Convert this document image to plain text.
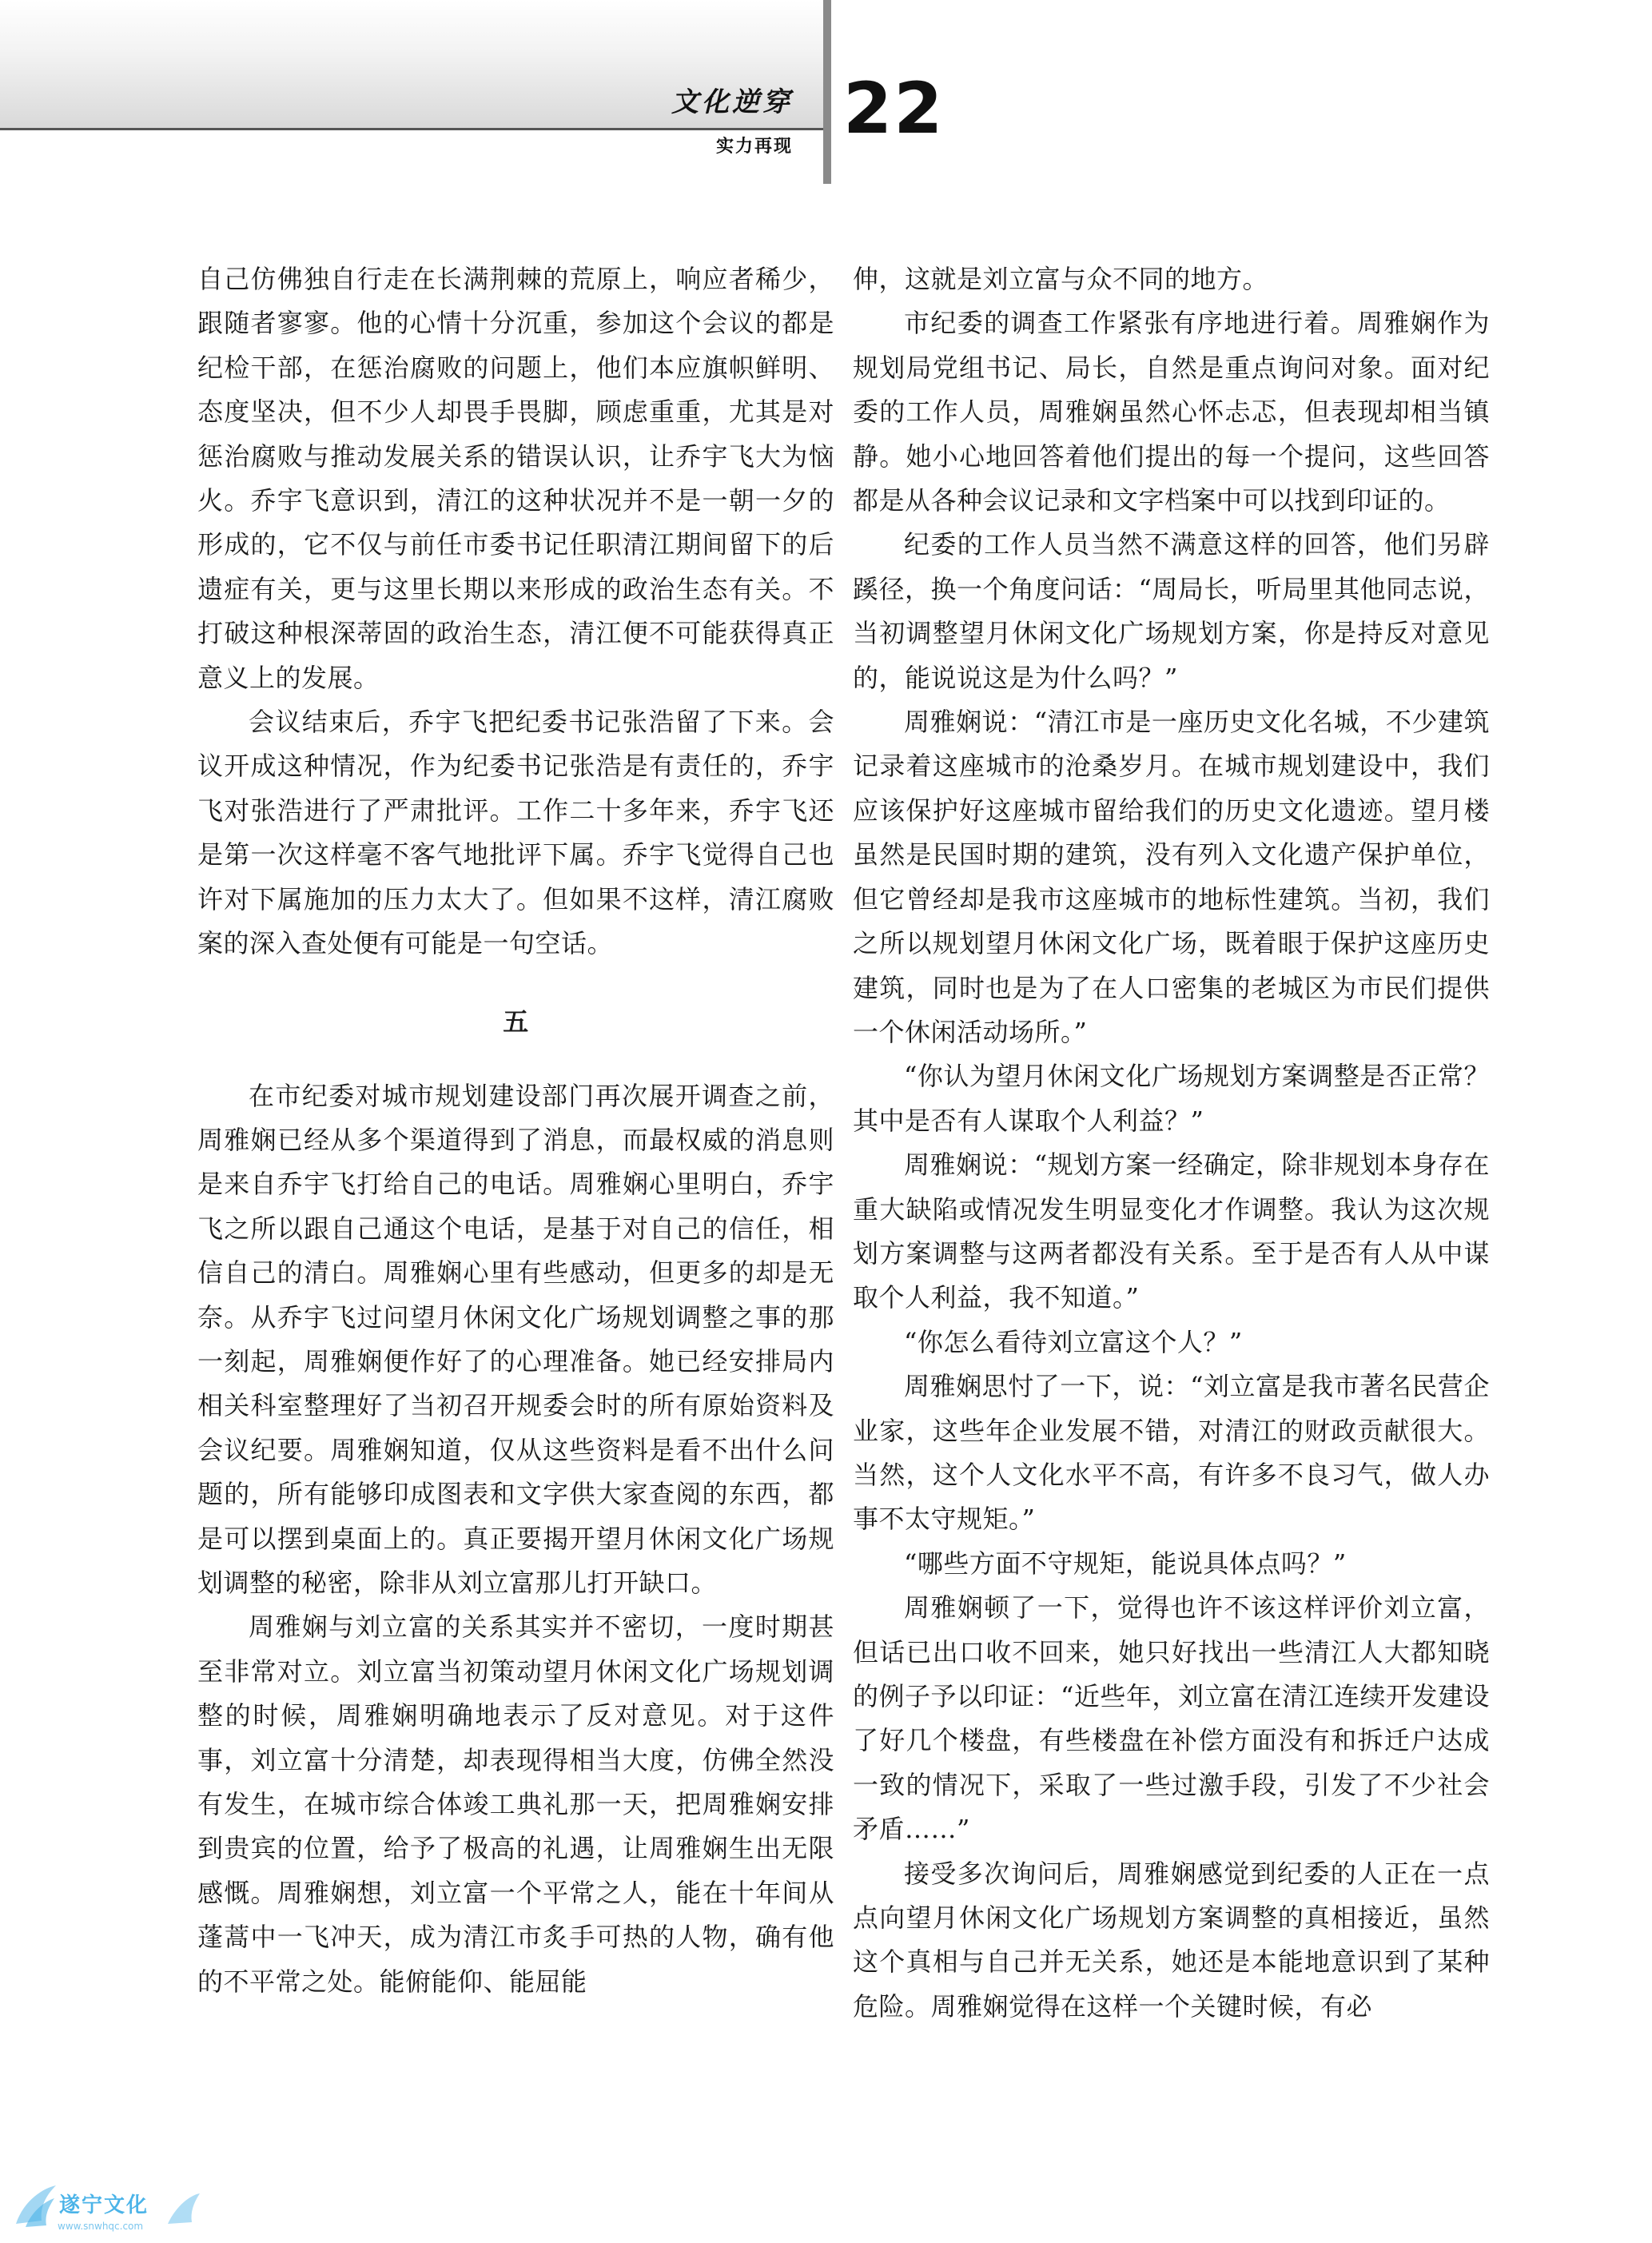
文化逆穿
实力再现 22

自己仿佛独自行走在长满荆棘的荒原上，响应者稀少，跟随者寥寥。他的心情十分沉重，参加这个会议的都是纪检干部，在惩治腐败的问题上，他们本应旗帜鲜明、态度坚决，但不少人却畏手畏脚，顾虑重重，尤其是对惩治腐败与推动发展关系的错误认识，让乔宇飞大为恼火。乔宇飞意识到，清江的这种状况并不是一朝一夕的形成的，它不仅与前任市委书记任职清江期间留下的后遗症有关，更与这里长期以来形成的政治生态有关。不打破这种根深蒂固的政治生态，清江便不可能获得真正意义上的发展。

会议结束后，乔宇飞把纪委书记张浩留了下来。会议开成这种情况，作为纪委书记张浩是有责任的，乔宇飞对张浩进行了严肃批评。工作二十多年来，乔宇飞还是第一次这样毫不客气地批评下属。乔宇飞觉得自己也许对下属施加的压力太大了。但如果不这样，清江腐败案的深入查处便有可能是一句空话。

五

在市纪委对城市规划建设部门再次展开调查之前，周雅娴已经从多个渠道得到了消息，而最权威的消息则是来自乔宇飞打给自己的电话。周雅娴心里明白，乔宇飞之所以跟自己通这个电话，是基于对自己的信任，相信自己的清白。周雅娴心里有些感动，但更多的却是无奈。从乔宇飞过问望月休闲文化广场规划调整之事的那一刻起，周雅娴便作好了的心理准备。她已经安排局内相关科室整理好了当初召开规委会时的所有原始资料及会议纪要。周雅娴知道，仅从这些资料是看不出什么问题的，所有能够印成图表和文字供大家查阅的东西，都是可以摆到桌面上的。真正要揭开望月休闲文化广场规划调整的秘密，除非从刘立富那儿打开缺口。

周雅娴与刘立富的关系其实并不密切，一度时期甚至非常对立。刘立富当初策动望月休闲文化广场规划调整的时候，周雅娴明确地表示了反对意见。对于这件事，刘立富十分清楚，却表现得相当大度，仿佛全然没有发生，在城市综合体竣工典礼那一天，把周雅娴安排到贵宾的位置，给予了极高的礼遇，让周雅娴生出无限感慨。周雅娴想，刘立富一个平常之人，能在十年间从蓬蒿中一飞冲天，成为清江市炙手可热的人物，确有他的不平常之处。能俯能仰、能屈能

伸，这就是刘立富与众不同的地方。

市纪委的调查工作紧张有序地进行着。周雅娴作为规划局党组书记、局长，自然是重点询问对象。面对纪委的工作人员，周雅娴虽然心怀忐忑，但表现却相当镇静。她小心地回答着他们提出的每一个提问，这些回答都是从各种会议记录和文字档案中可以找到印证的。

纪委的工作人员当然不满意这样的回答，他们另辟蹊径，换一个角度问话：“周局长，听局里其他同志说，当初调整望月休闲文化广场规划方案，你是持反对意见的，能说说这是为什么吗？”

周雅娴说：“清江市是一座历史文化名城，不少建筑记录着这座城市的沧桑岁月。在城市规划建设中，我们应该保护好这座城市留给我们的历史文化遗迹。望月楼虽然是民国时期的建筑，没有列入文化遗产保护单位，但它曾经却是我市这座城市的地标性建筑。当初，我们之所以规划望月休闲文化广场，既着眼于保护这座历史建筑，同时也是为了在人口密集的老城区为市民们提供一个休闲活动场所。”

“你认为望月休闲文化广场规划方案调整是否正常？其中是否有人谋取个人利益？”

周雅娴说：“规划方案一经确定，除非规划本身存在重大缺陷或情况发生明显变化才作调整。我认为这次规划方案调整与这两者都没有关系。至于是否有人从中谋取个人利益，我不知道。”

“你怎么看待刘立富这个人？”

周雅娴思忖了一下，说：“刘立富是我市著名民营企业家，这些年企业发展不错，对清江的财政贡献很大。当然，这个人文化水平不高，有许多不良习气，做人办事不太守规矩。”

“哪些方面不守规矩，能说具体点吗？”

周雅娴顿了一下，觉得也许不该这样评价刘立富，但话已出口收不回来，她只好找出一些清江人大都知晓的例子予以印证：“近些年，刘立富在清江连续开发建设了好几个楼盘，有些楼盘在补偿方面没有和拆迁户达成一致的情况下，采取了一些过激手段，引发了不少社会矛盾……”

接受多次询问后，周雅娴感觉到纪委的人正在一点点向望月休闲文化广场规划方案调整的真相接近，虽然这个真相与自己并无关系，她还是本能地意识到了某种危险。周雅娴觉得在这样一个关键时候，有必

遂宁文化
www.snwhqc.com
